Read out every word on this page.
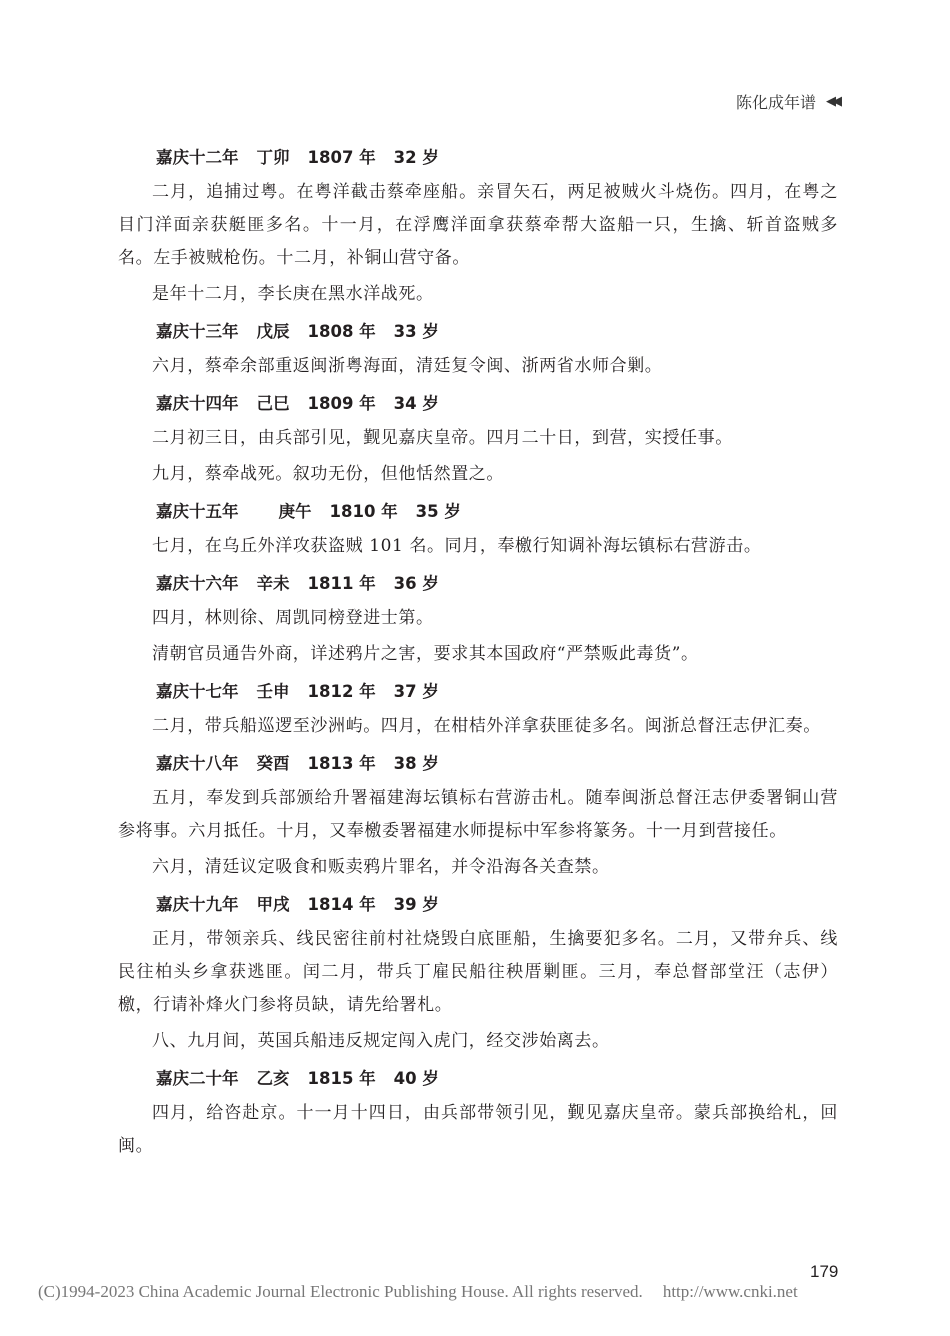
陈化成年谱 ◀◀
嘉庆十二年 丁卯 1807 年 32 岁

二月，追捕过粤。在粤洋截击蔡牵座船。亲冒矢石，两足被贼火斗烧伤。四月，在粤之目门洋面亲获艇匪多名。十一月，在浮鹰洋面拿获蔡牵帮大盗船一只，生擒、斩首盗贼多名。左手被贼枪伤。十二月，补铜山营守备。

是年十二月，李长庚在黑水洋战死。

嘉庆十三年 戊辰 1808 年 33 岁

六月，蔡牵余部重返闽浙粤海面，清廷复令闽、浙两省水师合剿。

嘉庆十四年 己巳 1809 年 34 岁

二月初三日，由兵部引见，觐见嘉庆皇帝。四月二十日，到营，实授任事。

九月，蔡牵战死。叙功无份，但他恬然置之。

嘉庆十五年 庚午 1810 年 35 岁

七月，在乌丘外洋攻获盗贼 101 名。同月，奉檄行知调补海坛镇标右营游击。

嘉庆十六年 辛未 1811 年 36 岁

四月，林则徐、周凯同榜登进士第。

清朝官员通告外商，详述鸦片之害，要求其本国政府“严禁贩此毒货”。

嘉庆十七年 壬申 1812 年 37 岁

二月，带兵船巡逻至沙洲屿。四月，在柑桔外洋拿获匪徒多名。闽浙总督汪志伊汇奏。

嘉庆十八年 癸酉 1813 年 38 岁

五月，奉发到兵部颁给升署福建海坛镇标右营游击札。随奉闽浙总督汪志伊委署铜山营参将事。六月抵任。十月，又奉檄委署福建水师提标中军参将篆务。十一月到营接任。

六月，清廷议定吸食和贩卖鸦片罪名，并令沿海各关查禁。

嘉庆十九年 甲戌 1814 年 39 岁

正月，带领亲兵、线民密往前村社烧毁白底匪船，生擒要犯多名。二月，又带弁兵、线民往柏头乡拿获逃匪。闰二月，带兵丁雇民船往秧厝剿匪。三月，奉总督部堂汪（志伊）檄，行请补烽火门参将员缺，请先给署札。

八、九月间，英国兵船违反规定闯入虎门，经交涉始离去。

嘉庆二十年 乙亥 1815 年 40 岁

四月，给咨赴京。十一月十四日，由兵部带领引见，觐见嘉庆皇帝。蒙兵部换给札，回闽。

179
(C)1994-2023 China Academic Journal Electronic Publishing House. All rights reserved. http://www.cnki.net
